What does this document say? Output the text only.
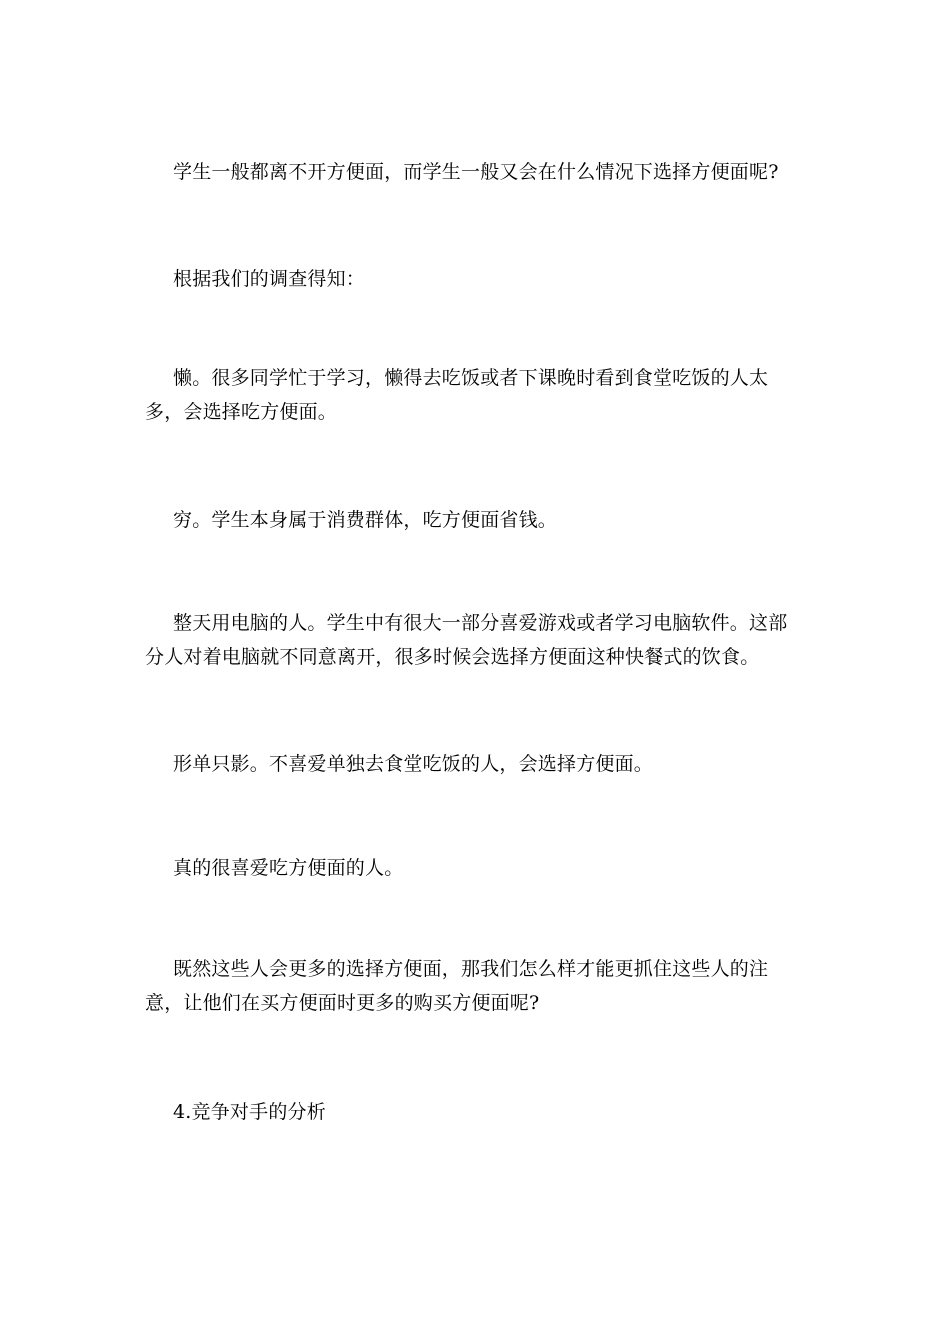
学生一般都离不开方便面，而学生一般又会在什么情况下选择方便面呢?

根据我们的调查得知：

懒。很多同学忙于学习，懒得去吃饭或者下课晚时看到食堂吃饭的人太多，会选择吃方便面。

穷。学生本身属于消费群体，吃方便面省钱。

整天用电脑的人。学生中有很大一部分喜爱游戏或者学习电脑软件。这部分人对着电脑就不同意离开，很多时候会选择方便面这种快餐式的饮食。

形单只影。不喜爱单独去食堂吃饭的人，会选择方便面。

真的很喜爱吃方便面的人。

既然这些人会更多的选择方便面，那我们怎么样才能更抓住这些人的注意，让他们在买方便面时更多的购买方便面呢?

4.竞争对手的分析
